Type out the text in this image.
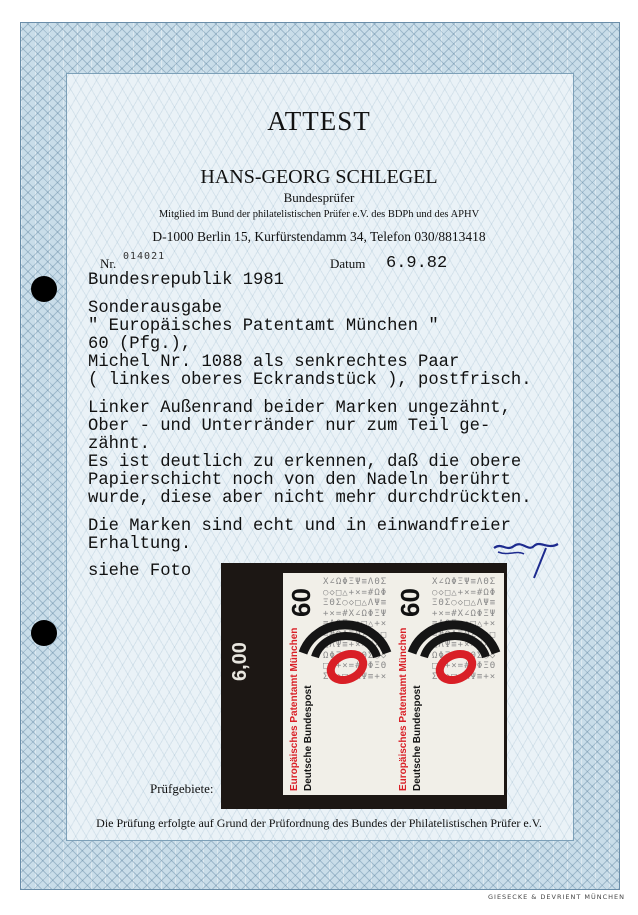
ATTEST
HANS-GEORG SCHLEGEL
Bundesprüfer
Mitglied im Bund der philatelistischen Prüfer e.V. des BDPh und des APHV
D-1000 Berlin 15, Kurfürstendamm 34, Telefon 030/8813418
Nr. 014021	Datum 6.9.82
Bundesrepublik 1981
Sonderausgabe
" Europäisches Patentamt München "
60 (Pfg.),
Michel Nr. 1088 als senkrechtes Paar
( linkes oberes Eckrandstück ), postfrisch.
Linker Außenrand beider Marken ungezähnt,
Ober - und Unterränder nur zum Teil ge-
zähnt.
Es ist deutlich zu erkennen, daß die obere
Papierschicht noch von den Nadeln berührt
wurde, diese aber nicht mehr durchdrückten.
Die Marken sind echt und in einwandfreier
Erhaltung.
siehe Foto
6,00
X∠ΩΦΞΨ≡ΛΘΣ○◇□△+×=#ΩΦΞΘΣ○◇□△ΛΨ≡+×=#X∠ΩΦΞΨ≡ΛΘΣ○◇□△+×=#ΩΦΞΘΣ○◇□△ΛΨ≡+×=#X∠ΩΦΞΨ≡ΛΘΣ○◇□△+×=#ΩΦΞΘΣ○◇□△ΛΨ≡+×
60
Europäisches Patentamt München Deutsche Bundespost
X∠ΩΦΞΨ≡ΛΘΣ○◇□△+×=#ΩΦΞΘΣ○◇□△ΛΨ≡+×=#X∠ΩΦΞΨ≡ΛΘΣ○◇□△+×=#ΩΦΞΘΣ○◇□△ΛΨ≡+×=#X∠ΩΦΞΨ≡ΛΘΣ○◇□△+×=#ΩΦΞΘΣ○◇□△ΛΨ≡+×
60
Europäisches Patentamt München Deutsche Bundespost
Prüfgebiete:
Die Prüfung erfolgte auf Grund der Prüfordnung des Bundes der Philatelistischen Prüfer e.V.
GIESECKE & DEVRIENT MÜNCHEN
